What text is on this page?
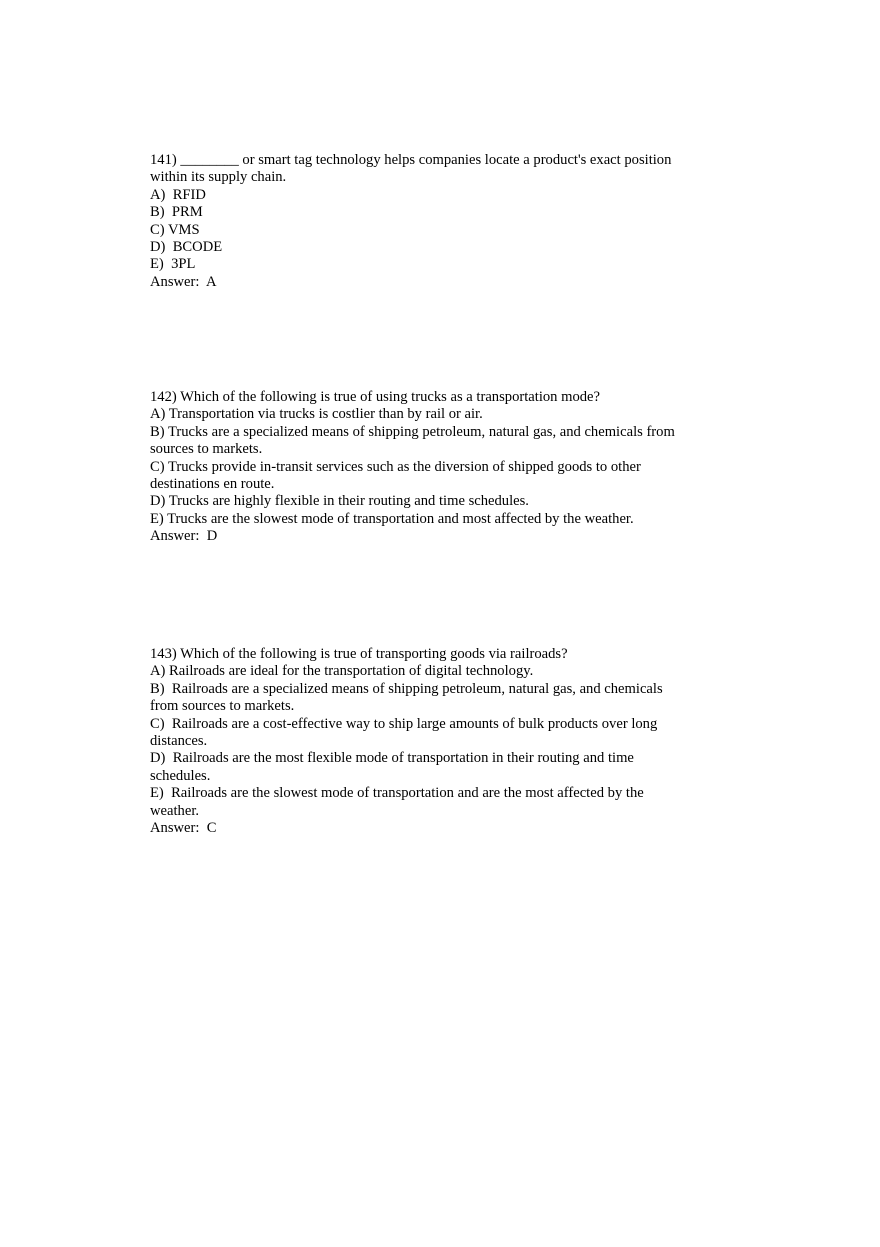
141) ________ or smart tag technology helps companies locate a product's exact position within its supply chain.
A)  RFID
B)  PRM
C) VMS
D)  BCODE
E)  3PL
Answer:  A
142) Which of the following is true of using trucks as a transportation mode?
A) Transportation via trucks is costlier than by rail or air.
B) Trucks are a specialized means of shipping petroleum, natural gas, and chemicals from sources to markets.
C) Trucks provide in-transit services such as the diversion of shipped goods to other destinations en route.
D) Trucks are highly flexible in their routing and time schedules.
E) Trucks are the slowest mode of transportation and most affected by the weather.
Answer:  D
143) Which of the following is true of transporting goods via railroads?
A) Railroads are ideal for the transportation of digital technology.
B)  Railroads are a specialized means of shipping petroleum, natural gas, and chemicals from sources to markets.
C)  Railroads are a cost-effective way to ship large amounts of bulk products over long distances.
D)  Railroads are the most flexible mode of transportation in their routing and time schedules.
E)  Railroads are the slowest mode of transportation and are the most affected by the weather.
Answer:  C
